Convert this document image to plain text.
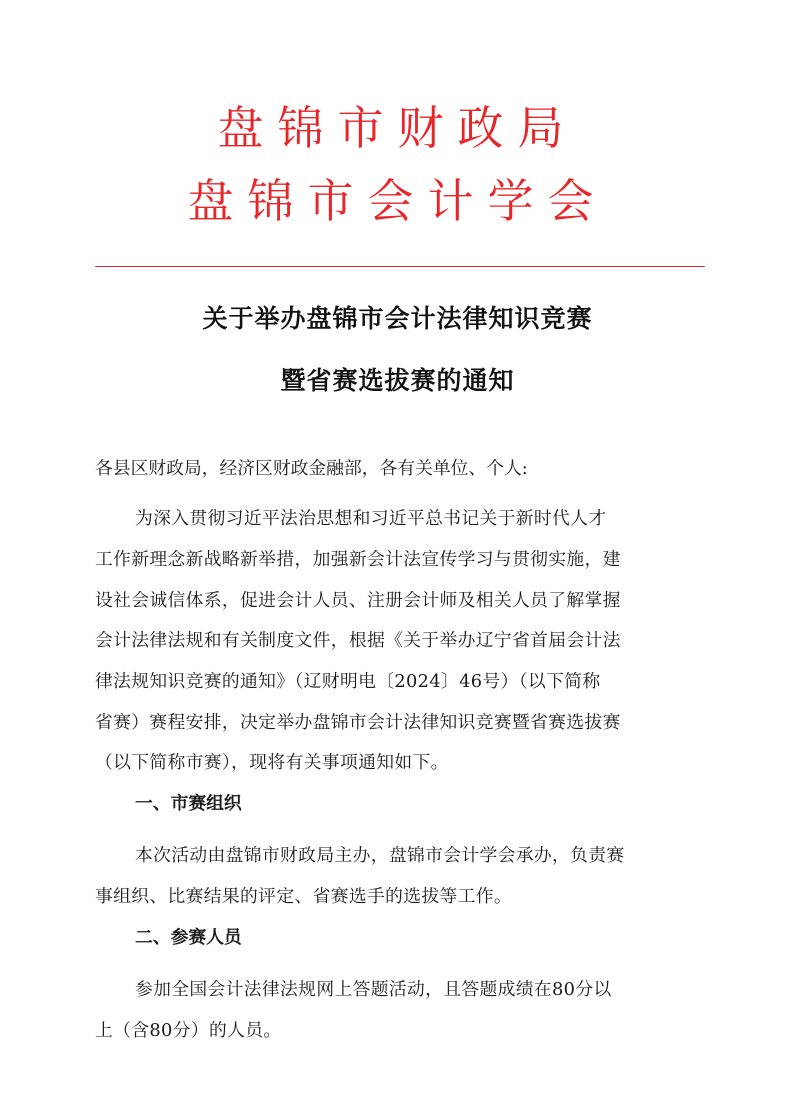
盘锦市财政局
盘锦市会计学会
关于举办盘锦市会计法律知识竞赛
暨省赛选拔赛的通知
各县区财政局，经济区财政金融部，各有关单位、个人:
为深入贯彻习近平法治思想和习近平总书记关于新时代人才
工作新理念新战略新举措，加强新会计法宣传学习与贯彻实施，建
设社会诚信体系，促进会计人员、注册会计师及相关人员了解掌握
会计法律法规和有关制度文件，根据《关于举办辽宁省首届会计法
律法规知识竞赛的通知》（辽财明电〔2024〕46号）（以下简称
省赛）赛程安排，决定举办盘锦市会计法律知识竞赛暨省赛选拔赛
（以下简称市赛），现将有关事项通知如下。
一、市赛组织
本次活动由盘锦市财政局主办，盘锦市会计学会承办，负责赛
事组织、比赛结果的评定、省赛选手的选拔等工作。
二、参赛人员
参加全国会计法律法规网上答题活动，且答题成绩在80分以
上（含80分）的人员。
